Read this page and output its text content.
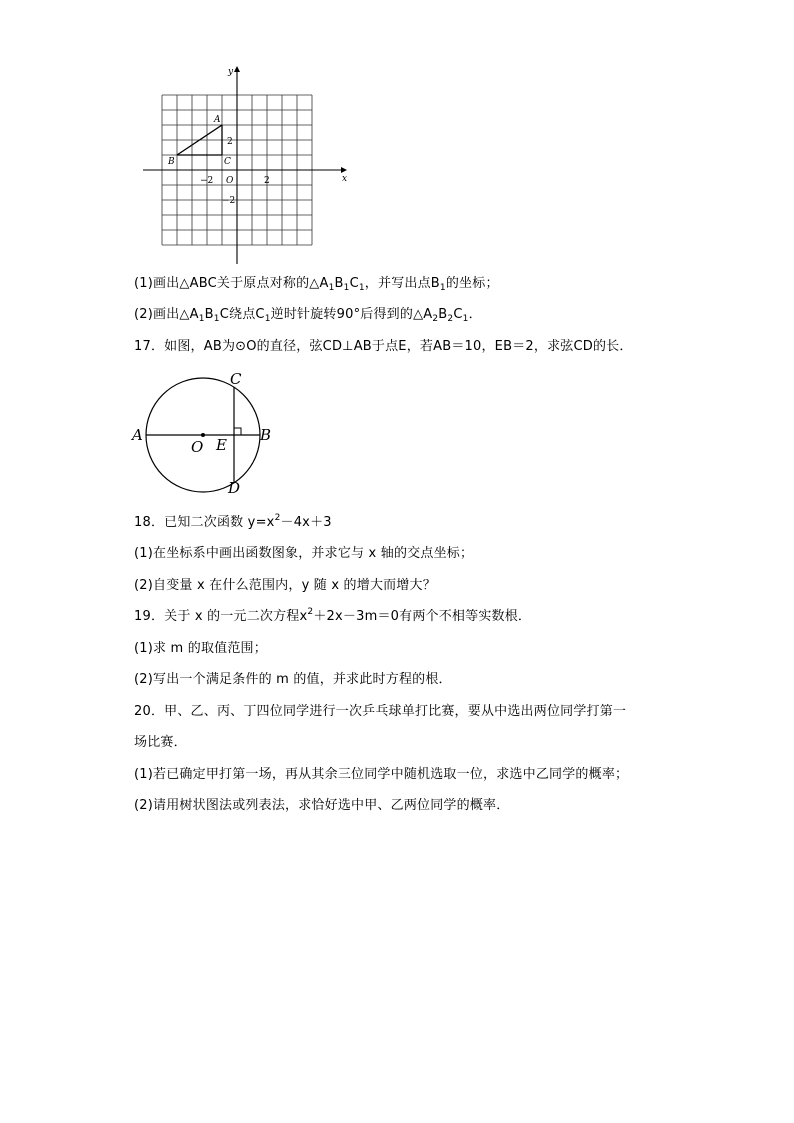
x
y
O
A
B	C
−2	2
2
−2
(1)画出△ABC关于原点对称的$\triangle A_1B_1C_1$，并写出点$B_1$的坐标；
(2)画出$\triangle A_1B_1C$绕点$C_1$逆时针旋转90°后得到的$\triangle A_2B_2C_1$．
17．如图，AB为⊙O的直径，弦CD⊥AB于点E，若AB＝10，EB＝2，求弦CD的长．
A	B
C
D
E
O
18．已知二次函数 $y=x^2-4x+3$
(1)在坐标系中画出函数图象，并求它与 x 轴的交点坐标；
(2)自变量 x 在什么范围内，y 随 x 的增大而增大？
19．关于 x 的一元二次方程$x^2+2x-3m=0$有两个不相等实数根．
(1)求 m 的取值范围；
(2)写出一个满足条件的 m 的值，并求此时方程的根．
20．甲、乙、丙、丁四位同学进行一次乒乓球单打比赛，要从中选出两位同学打第一
场比赛．
(1)若已确定甲打第一场，再从其余三位同学中随机选取一位，求选中乙同学的概率；
(2)请用树状图法或列表法，求恰好选中甲、乙两位同学的概率．
